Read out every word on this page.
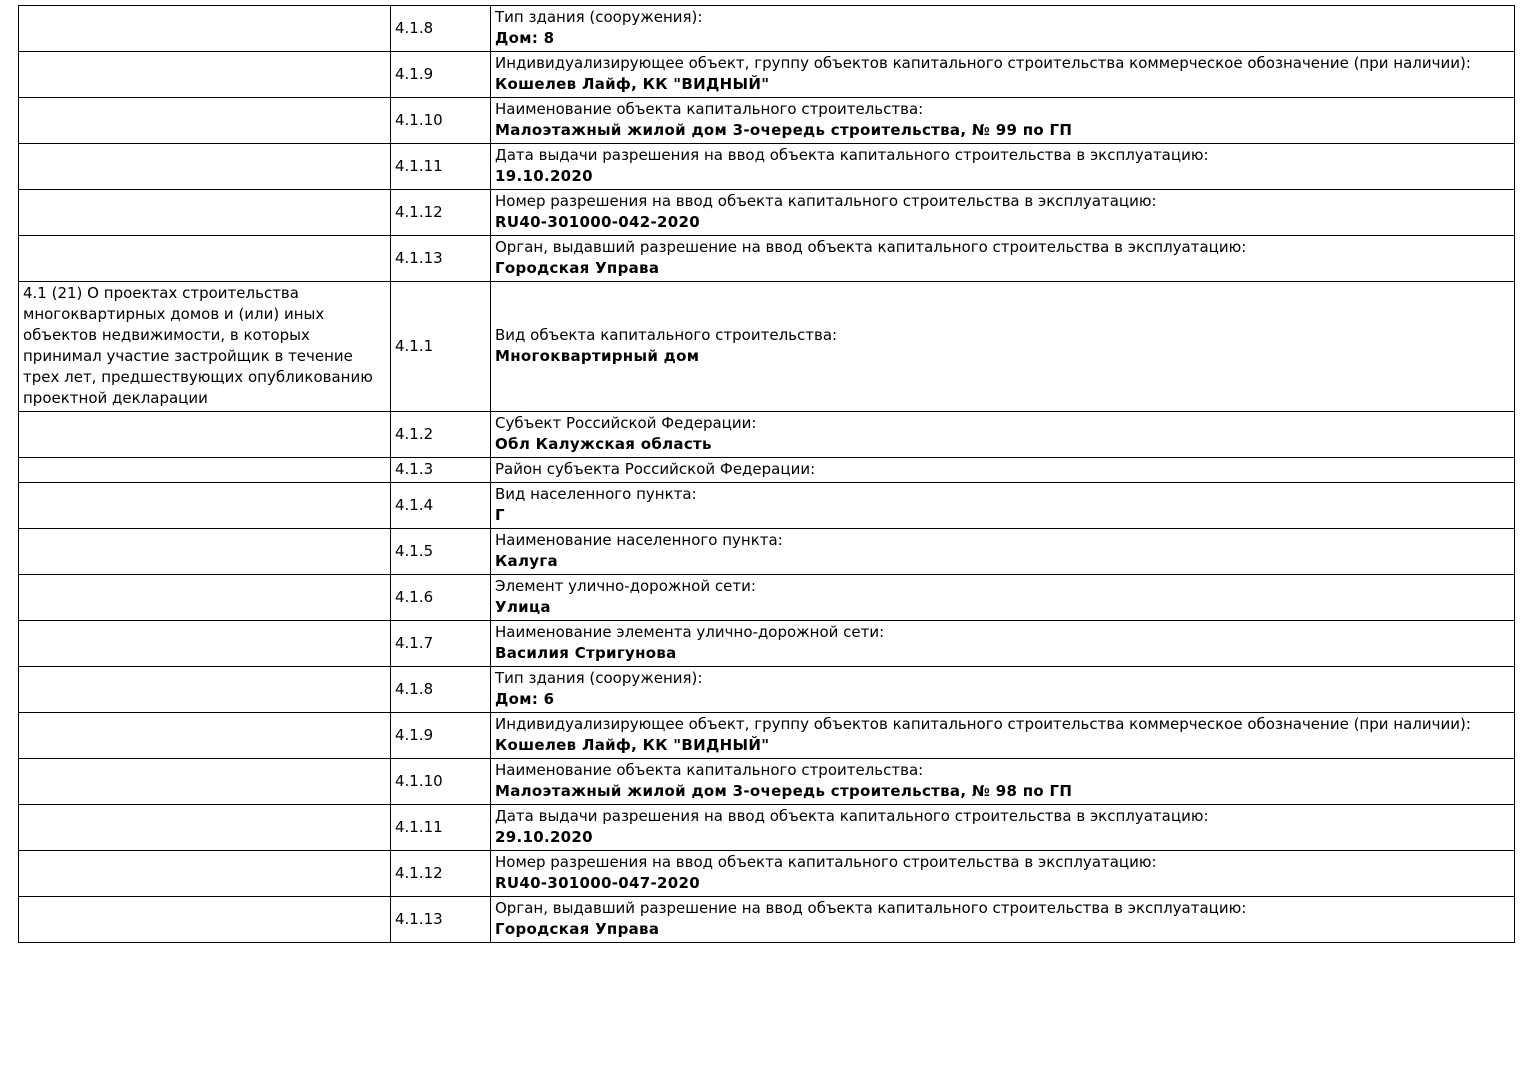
	4.1.8	Тип здания (сооружения):
Дом: 8

	4.1.9	Индивидуализирующее объект, группу объектов капитального строительства коммерческое обозначение (при наличии):
Кошелев Лайф, КК "ВИДНЫЙ"

	4.1.10	Наименование объекта капитального строительства:
Малоэтажный жилой дом 3-очередь строительства, № 99 по ГП

	4.1.11	Дата выдачи разрешения на ввод объекта капитального строительства в эксплуатацию:
19.10.2020

	4.1.12	Номер разрешения на ввод объекта капитального строительства в эксплуатацию:
RU40-301000-042-2020

	4.1.13	Орган, выдавший разрешение на ввод объекта капитального строительства в эксплуатацию:
Городская Управа

4.1 (21) О проектах строительства многоквартирных домов и (или) иных объектов недвижимости, в которых принимал участие застройщик в течение трех лет, предшествующих опубликованию проектной декларации	4.1.1	Вид объекта капитального строительства:
Многоквартирный дом

	4.1.2	Субъект Российской Федерации:
Обл Калужская область

	4.1.3	Район субъекта Российской Федерации:

	4.1.4	Вид населенного пункта:
Г

	4.1.5	Наименование населенного пункта:
Калуга

	4.1.6	Элемент улично-дорожной сети:
Улица

	4.1.7	Наименование элемента улично-дорожной сети:
Василия Стригунова

	4.1.8	Тип здания (сооружения):
Дом: 6

	4.1.9	Индивидуализирующее объект, группу объектов капитального строительства коммерческое обозначение (при наличии):
Кошелев Лайф, КК "ВИДНЫЙ"

	4.1.10	Наименование объекта капитального строительства:
Малоэтажный жилой дом 3-очередь строительства, № 98 по ГП

	4.1.11	Дата выдачи разрешения на ввод объекта капитального строительства в эксплуатацию:
29.10.2020

	4.1.12	Номер разрешения на ввод объекта капитального строительства в эксплуатацию:
RU40-301000-047-2020

	4.1.13	Орган, выдавший разрешение на ввод объекта капитального строительства в эксплуатацию:
Городская Управа
